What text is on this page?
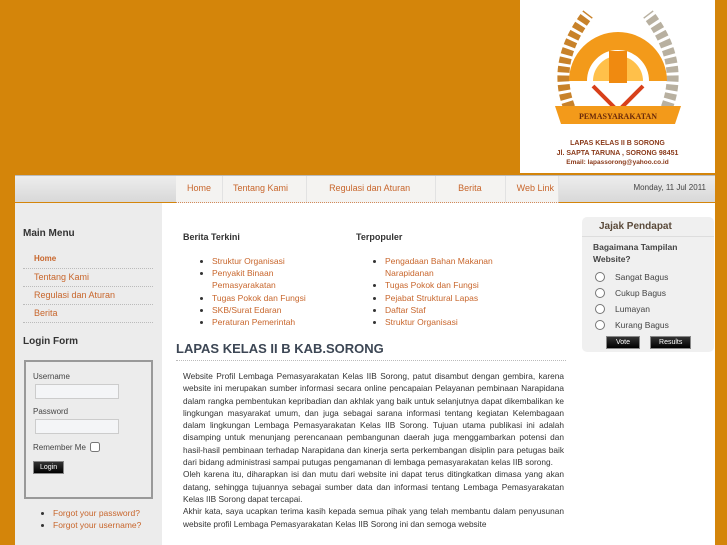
PEMASYARAKATAN
LAPAS KELAS II B SORONG
Jl. SAPTA TARUNA , SORONG 98451
Email: lapassorong@yahoo.co.id
Home	Tentang Kami	Regulasi dan Aturan	Berita	Web Link	Monday, 11 Jul 2011
Main Menu
Home
Tentang Kami
Regulasi dan Aturan
Berita
Login Form
Username
Password
Remember Me
Login
• Forgot your password?
• Forgot your username?
Berita Terkini
• Struktur Organisasi
• Penyakit Binaan Pemasyarakatan
• Tugas Pokok dan Fungsi
• SKB/Surat Edaran
• Peraturan Pemerintah
Terpopuler
• Pengadaan Bahan Makanan Narapidanan
• Tugas Pokok dan Fungsi
• Pejabat Struktural Lapas
• Daftar Staf
• Struktur Organisasi
LAPAS KELAS II B KAB.SORONG

Website Profil Lembaga Pemasyarakatan Kelas IIB Sorong, patut disambut dengan gembira, karena website ini merupakan sumber informasi secara online pencapaian Pelayanan pembinaan Narapidana dalam rangka pembentukan kepribadian dan akhlak yang baik untuk selanjutnya dapat dikembalikan ke lingkungan masyarakat umum, dan juga sebagai sarana informasi tentang kegiatan Kelembagaan dalam lingkungan Lembaga Pemasyarakatan Kelas IIB Sorong. Tujuan utama publikasi ini adalah disamping untuk menunjang perencanaan pembangunan daerah juga menggambarkan potensi dan hasil-hasil pembinaan terhadap Narapidana dan kinerja serta perkembangan disiplin para petugas baik dari bidang administrasi sampai putugas pengamanan di lembaga pemasyarakatan kelas IIB sorong.

Oleh karena itu, diharapkan isi dan mutu dari website ini dapat terus ditingkatkan dimasa yang akan datang, sehingga tujuannya sebagai sumber data dan informasi tentang Lembaga Pemasyarakatan Kelas IIB Sorong dapat tercapai.

Akhir kata, saya ucapkan terima kasih kepada semua pihak yang telah membantu dalam penyusunan website profil Lembaga Pemasyarakatan Kelas IIB Sorong ini dan semoga website

Jajak Pendapat
Bagaimana Tampilan Website?
Sangat Bagus
Cukup Bagus
Lumayan
Kurang Bagus
Vote	Results
